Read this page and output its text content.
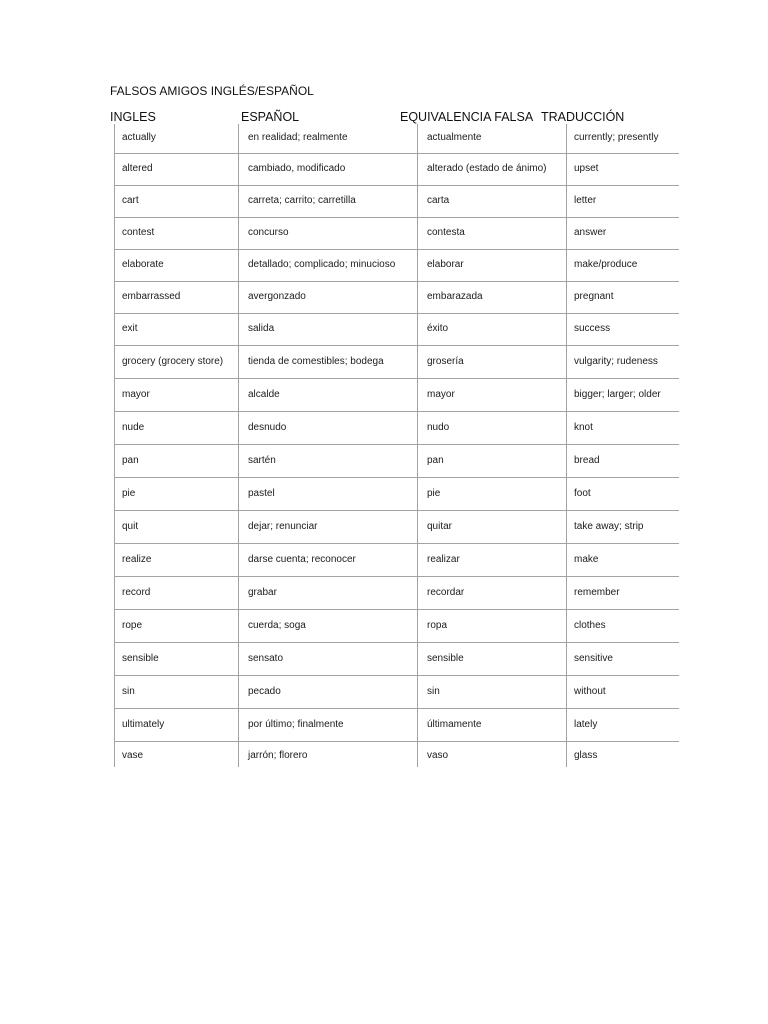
FALSOS AMIGOS INGLÉS/ESPAÑOL
INGLES	ESPAÑOL	EQUIVALENCIA FALSA TRADUCCIÓN
actually	en realidad; realmente	actualmente	currently; presently
altered	cambiado, modificado	alterado (estado de ánimo)	upset
cart	carreta; carrito; carretilla	carta	letter
contest	concurso	contesta	answer
elaborate	detallado; complicado; minucioso	elaborar	make/produce
embarrassed	avergonzado	embarazada	pregnant
exit	salida	éxito	success
grocery (grocery store)	tienda de comestibles; bodega	grosería	vulgarity; rudeness
mayor	alcalde	mayor	bigger; larger; older
nude	desnudo	nudo	knot
pan	sartén	pan	bread
pie	pastel	pie	foot
quit	dejar; renunciar	quitar	take away; strip
realize	darse cuenta; reconocer	realizar	make
record	grabar	recordar	remember
rope	cuerda; soga	ropa	clothes
sensible	sensato	sensible	sensitive
sin	pecado	sin	without
ultimately	por último; finalmente	últimamente	lately
vase	jarrón; florero	vaso	glass
